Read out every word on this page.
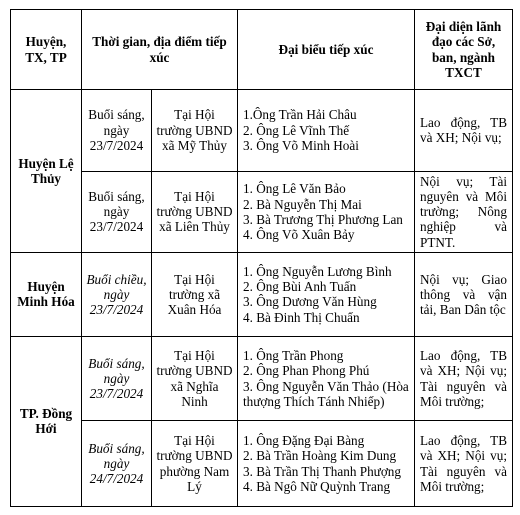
Huyện, TX, TP	Thời gian, địa điểm tiếp xúc		Đại biểu tiếp xúc	Đại diện lãnh đạo các Sở, ban, ngành TXCT
Huyện Lệ Thủy	Buổi sáng, ngày 23/7/2024	Tại Hội trường UBND xã Mỹ Thủy	1.Ông Trần Hải Châu
2. Ông Lê Vĩnh Thế
3. Ông Võ Minh Hoài	Lao động, TB và XH; Nội vụ;
	Buổi sáng, ngày 23/7/2024	Tại Hội trường UBND xã Liên Thủy	1. Ông Lê Văn Bảo
2. Bà Nguyễn Thị Mai
3. Bà Trương Thị Phương Lan
4. Ông Võ Xuân Bảy	Nội vụ; Tài nguyên và Môi trường; Nông nghiệp và PTNT.
Huyện Minh Hóa	Buổi chiều, ngày 23/7/2024	Tại Hội trường xã Xuân Hóa	1. Ông Nguyễn Lương Bình
2. Ông Bùi Anh Tuấn
3. Ông Dương Văn Hùng
4. Bà Đinh Thị Chuẩn	Nội vụ; Giao thông và vận tải, Ban Dân tộc
TP. Đồng Hới	Buổi sáng, ngày 23/7/2024	Tại Hội trường UBND xã Nghĩa Ninh	1. Ông Trần Phong
2. Ông Phan Phong Phú
3. Ông Nguyễn Văn Thảo (Hòa thượng Thích Tánh Nhiếp)	Lao động, TB và XH; Nội vụ; Tài nguyên và Môi trường;
	Buổi sáng, ngày 24/7/2024	Tại Hội trường UBND phường Nam Lý	1. Ông Đặng Đại Bàng
2. Bà Trần Hoàng Kim Dung
3. Bà Trần Thị Thanh Phượng
4. Bà Ngô Nữ Quỳnh Trang	Lao động, TB và XH; Nội vụ; Tài nguyên và Môi trường;
